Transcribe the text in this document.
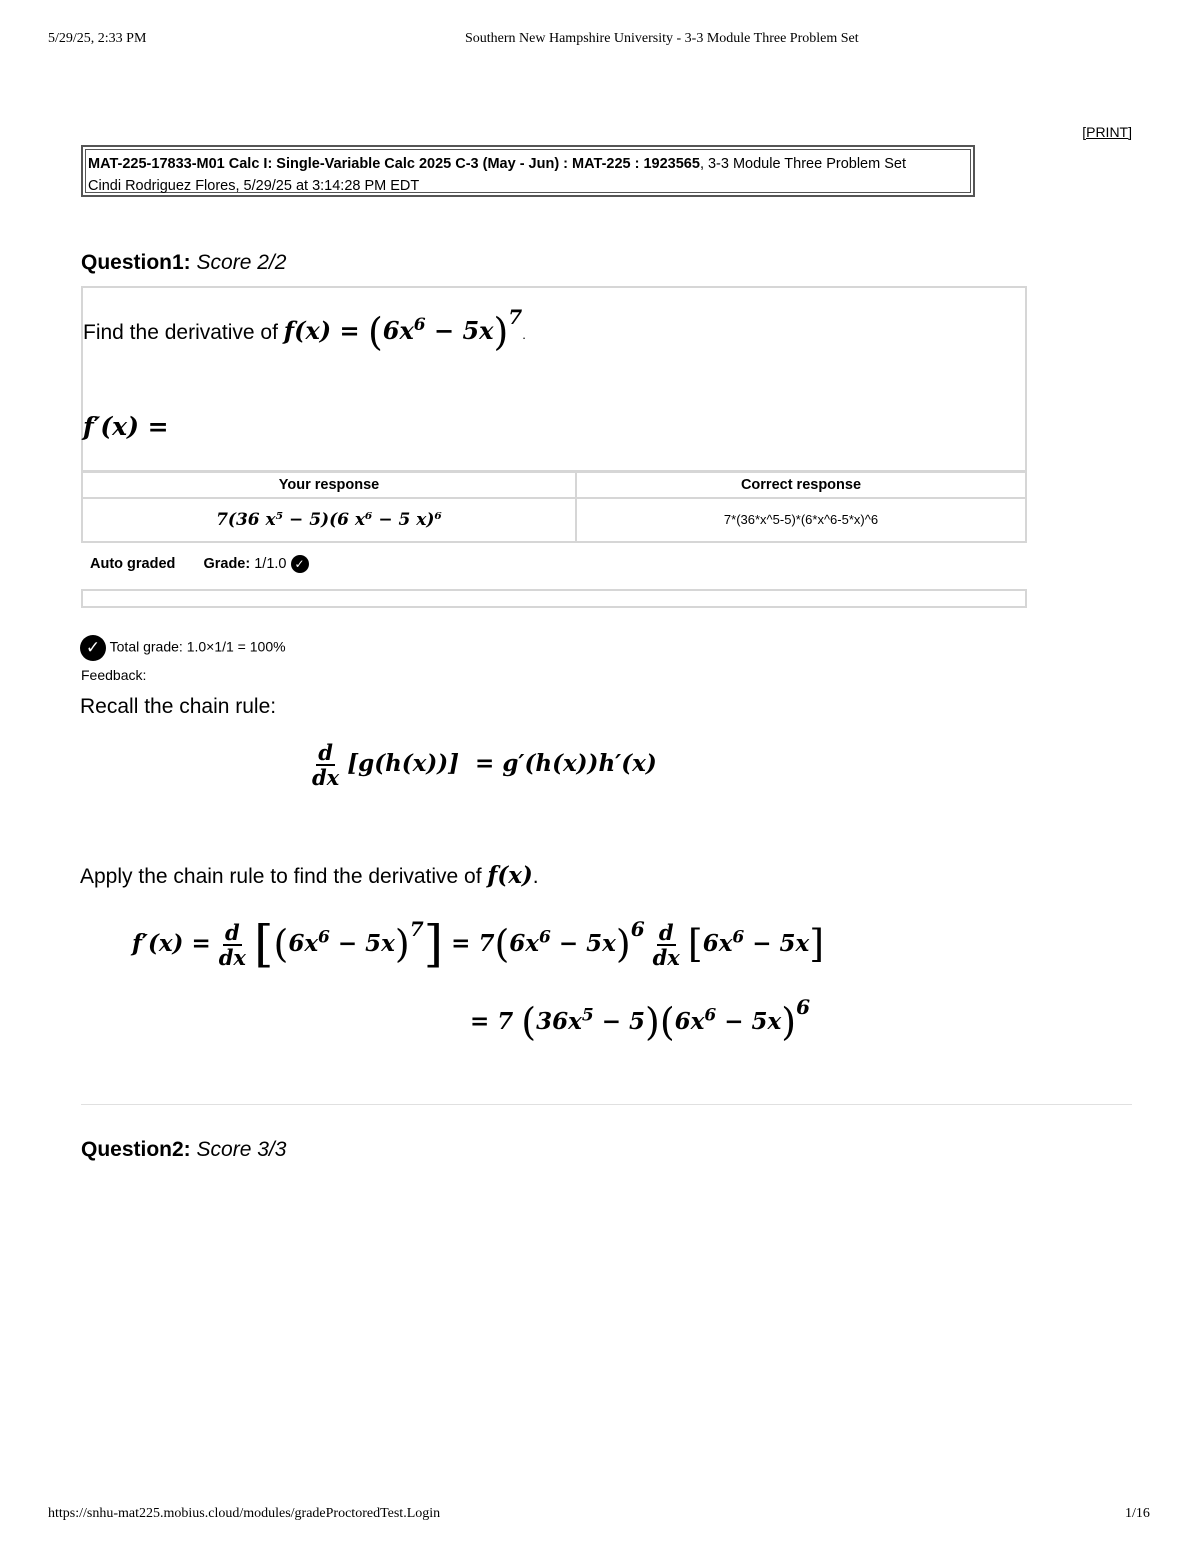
5/29/25, 2:33 PM	Southern New Hampshire University - 3-3 Module Three Problem Set
[PRINT]
MAT-225-17833-M01 Calc I: Single-Variable Calc 2025 C-3 (May - Jun) : MAT-225 : 1923565, 3-3 Module Three Problem Set
Cindi Rodriguez Flores, 5/29/25 at 3:14:28 PM EDT
Question1: Score 2/2
Find the derivative of $f(x) = (6x^6 - 5x)^7$.
f′(x) =
Your response	Correct response
7(36 x⁵ − 5)(6 x⁶ − 5 x)⁶	7*(36*x^5-5)*(6*x^6-5*x)^6
Auto graded Grade: 1/1.0 ✓
✓ Total grade: 1.0×1/1 = 100%
Feedback:
Recall the chain rule:
$\frac{d}{dx} [g(h(x))] = g'(h(x))h'(x)$
Apply the chain rule to find the derivative of f(x).
$f'(x) = \frac{d}{dx} [(6x^6 - 5x)^7] = 7(6x^6 - 5x)^6 \frac{d}{dx} [6x^6 - 5x]$
= 7 $(36x^5 - 5)(6x^6 - 5x)^6$
Question2: Score 3/3
https://snhu-mat225.mobius.cloud/modules/gradeProctoredTest.Login	1/16
